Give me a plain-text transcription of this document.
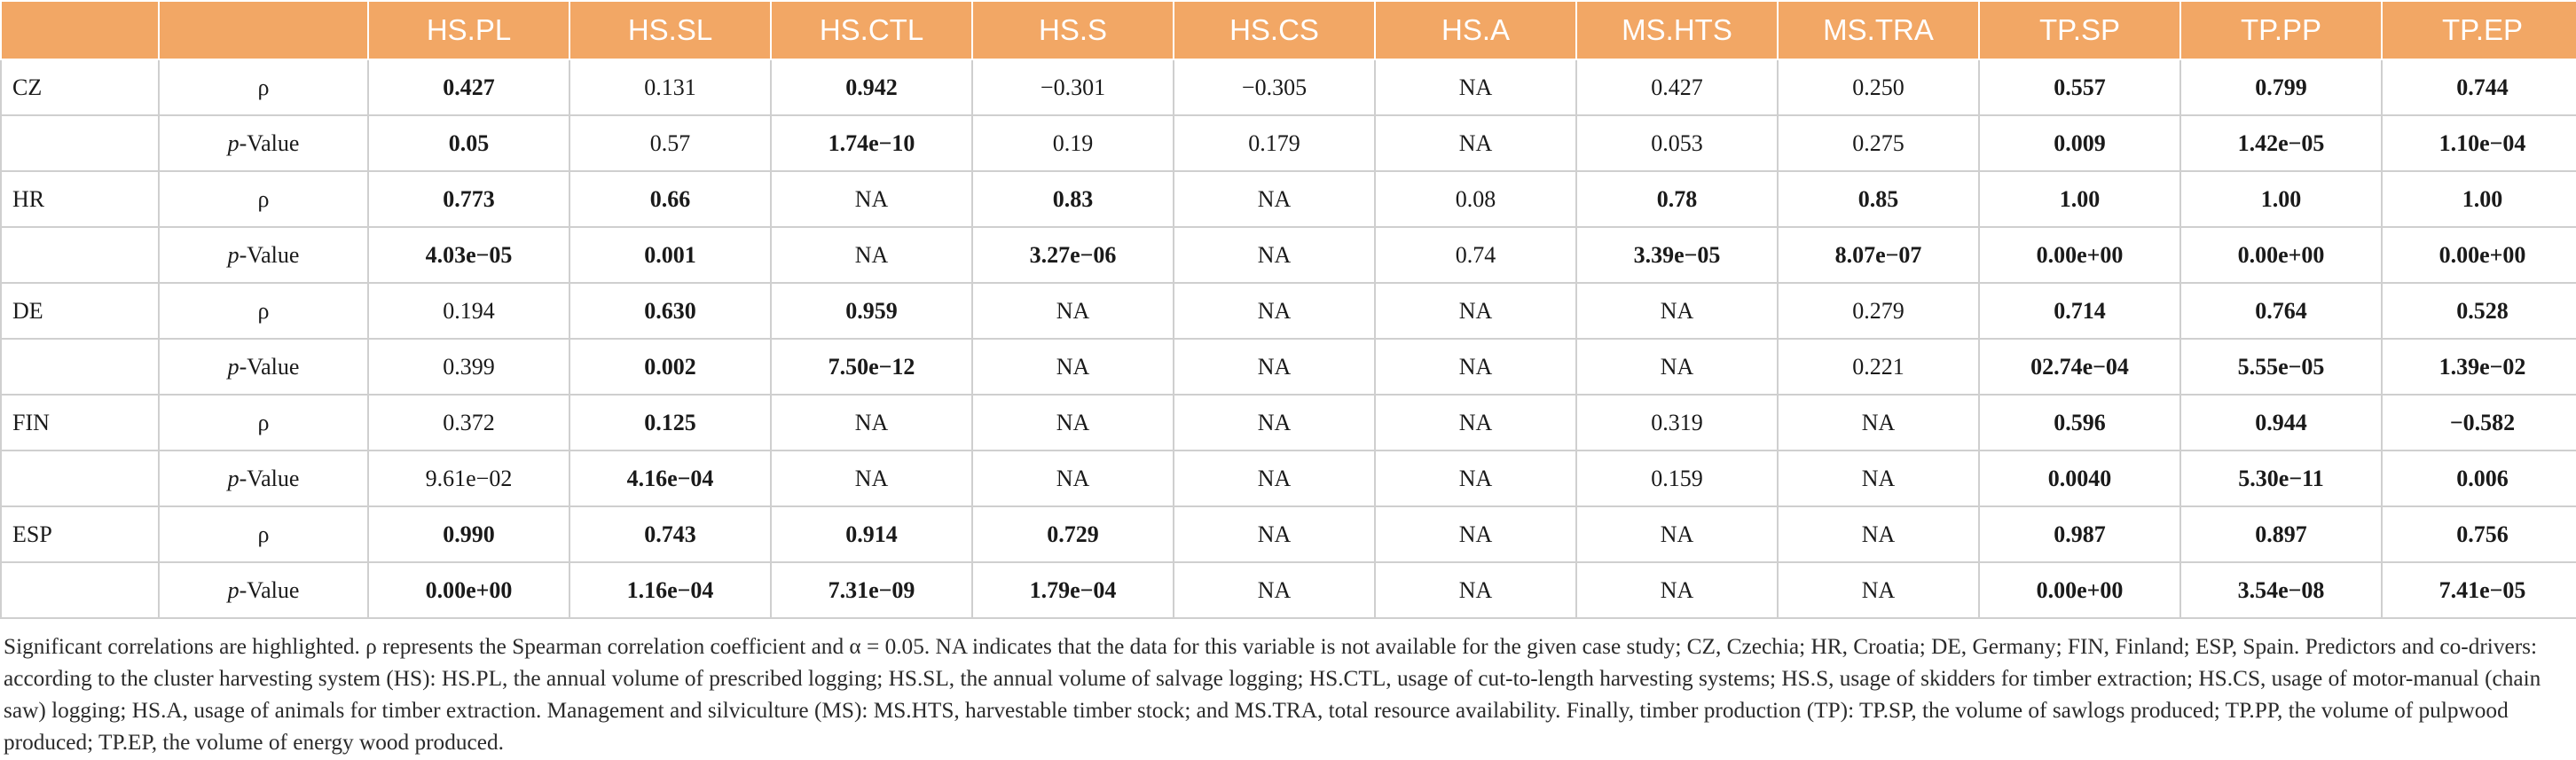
		HS.PL	HS.SL	HS.CTL	HS.S	HS.CS	HS.A	MS.HTS	MS.TRA	TP.SP	TP.PP	TP.EP
CZ	ρ	0.427	0.131	0.942	−0.301	−0.305	NA	0.427	0.250	0.557	0.799	0.744
	p-Value	0.05	0.57	1.74e−10	0.19	0.179	NA	0.053	0.275	0.009	1.42e−05	1.10e−04
HR	ρ	0.773	0.66	NA	0.83	NA	0.08	0.78	0.85	1.00	1.00	1.00
	p-Value	4.03e−05	0.001	NA	3.27e−06	NA	0.74	3.39e−05	8.07e−07	0.00e+00	0.00e+00	0.00e+00
DE	ρ	0.194	0.630	0.959	NA	NA	NA	NA	0.279	0.714	0.764	0.528
	p-Value	0.399	0.002	7.50e−12	NA	NA	NA	NA	0.221	02.74e−04	5.55e−05	1.39e−02
FIN	ρ	0.372	0.125	NA	NA	NA	NA	0.319	NA	0.596	0.944	−0.582
	p-Value	9.61e−02	4.16e−04	NA	NA	NA	NA	0.159	NA	0.0040	5.30e−11	0.006
ESP	ρ	0.990	0.743	0.914	0.729	NA	NA	NA	NA	0.987	0.897	0.756
	p-Value	0.00e+00	1.16e−04	7.31e−09	1.79e−04	NA	NA	NA	NA	0.00e+00	3.54e−08	7.41e−05
Significant correlations are highlighted. ρ represents the Spearman correlation coefficient and α = 0.05. NA indicates that the data for this variable is not available for the given case study; CZ, Czechia; HR, Croatia; DE, Germany; FIN, Finland; ESP, Spain. Predictors and co-drivers: according to the cluster harvesting system (HS): HS.PL, the annual volume of prescribed logging; HS.SL, the annual volume of salvage logging; HS.CTL, usage of cut-to-length harvesting systems; HS.S, usage of skidders for timber extraction; HS.CS, usage of motor-manual (chain saw) logging; HS.A, usage of animals for timber extraction. Management and silviculture (MS): MS.HTS, harvestable timber stock; and MS.TRA, total resource availability. Finally, timber production (TP): TP.SP, the volume of sawlogs produced; TP.PP, the volume of pulpwood produced; TP.EP, the volume of energy wood produced.
